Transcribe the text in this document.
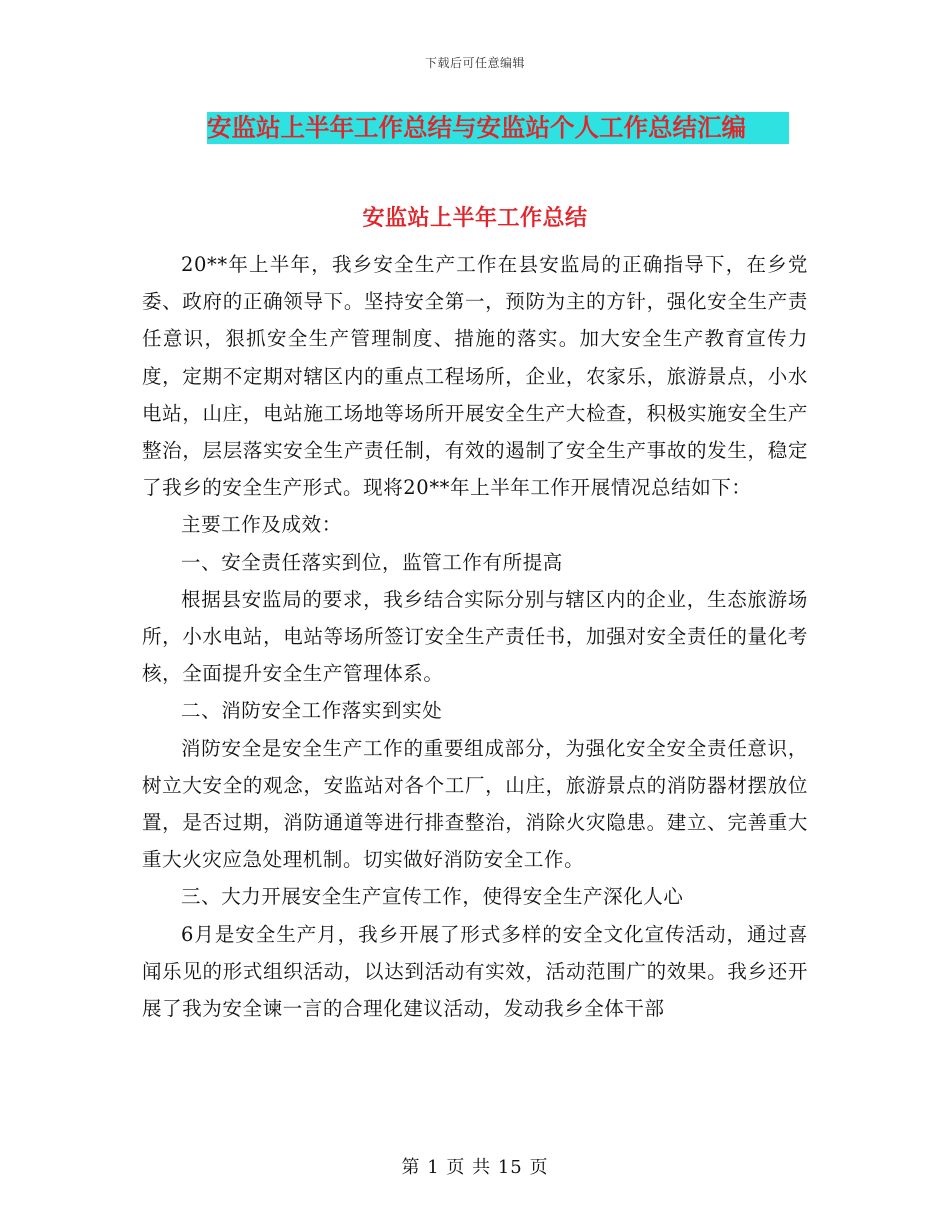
下载后可任意编辑
安监站上半年工作总结与安监站个人工作总结汇编
安监站上半年工作总结

20**年上半年，我乡安全生产工作在县安监局的正确指导下，在乡党委、政府的正确领导下。坚持安全第一，预防为主的方针，强化安全生产责任意识，狠抓安全生产管理制度、措施的落实。加大安全生产教育宣传力度，定期不定期对辖区内的重点工程场所，企业，农家乐，旅游景点，小水电站，山庄，电站施工场地等场所开展安全生产大检查，积极实施安全生产整治，层层落实安全生产责任制，有效的遏制了安全生产事故的发生，稳定了我乡的安全生产形式。现将20**年上半年工作开展情况总结如下：

主要工作及成效：

一、安全责任落实到位，监管工作有所提高

根据县安监局的要求，我乡结合实际分别与辖区内的企业，生态旅游场所，小水电站，电站等场所签订安全生产责任书，加强对安全责任的量化考核，全面提升安全生产管理体系。

二、消防安全工作落实到实处

消防安全是安全生产工作的重要组成部分，为强化安全安全责任意识，树立大安全的观念，安监站对各个工厂，山庄，旅游景点的消防器材摆放位置，是否过期，消防通道等进行排查整治，消除火灾隐患。建立、完善重大重大火灾应急处理机制。切实做好消防安全工作。

三、大力开展安全生产宣传工作，使得安全生产深化人心

6月是安全生产月，我乡开展了形式多样的安全文化宣传活动，通过喜闻乐见的形式组织活动，以达到活动有实效，活动范围广的效果。我乡还开展了我为安全谏一言的合理化建议活动，发动我乡全体干部

第 1 页 共 15 页
